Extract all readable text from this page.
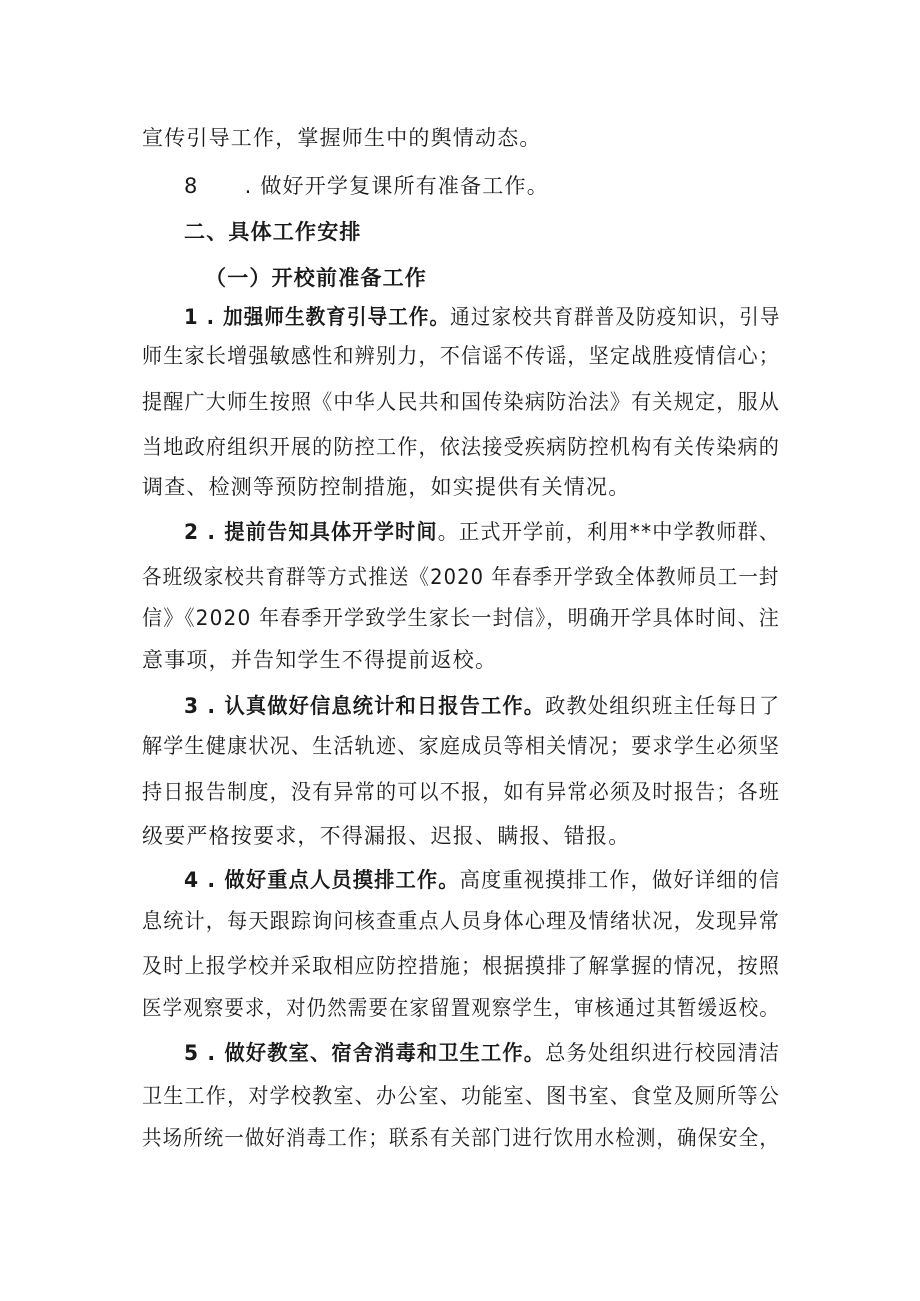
宣传引导工作，掌握师生中的舆情动态。
8 . 做好开学复课所有准备工作。
二、具体工作安排
（一）开校前准备工作
1 . 加强师生教育引导工作。通过家校共育群普及防疫知识，引导
师生家长增强敏感性和辨别力，不信谣不传谣，坚定战胜疫情信心；
提醒广大师生按照《中华人民共和国传染病防治法》有关规定，服从
当地政府组织开展的防控工作，依法接受疾病防控机构有关传染病的
调查、检测等预防控制措施，如实提供有关情况。
2 . 提前告知具体开学时间。正式开学前，利用**中学教师群、
各班级家校共育群等方式推送《2020 年春季开学致全体教师员工一封
信》《2020 年春季开学致学生家长一封信》，明确开学具体时间、注
意事项，并告知学生不得提前返校。
3 . 认真做好信息统计和日报告工作。政教处组织班主任每日了
解学生健康状况、生活轨迹、家庭成员等相关情况；要求学生必须坚
持日报告制度，没有异常的可以不报，如有异常必须及时报告；各班
级要严格按要求，不得漏报、迟报、瞒报、错报。
4 . 做好重点人员摸排工作。高度重视摸排工作，做好详细的信
息统计，每天跟踪询问核查重点人员身体心理及情绪状况，发现异常
及时上报学校并采取相应防控措施；根据摸排了解掌握的情况，按照
医学观察要求，对仍然需要在家留置观察学生，审核通过其暂缓返校。
5 . 做好教室、宿舍消毒和卫生工作。总务处组织进行校园清洁
卫生工作，对学校教室、办公室、功能室、图书室、食堂及厕所等公
共场所统一做好消毒工作；联系有关部门进行饮用水检测，确保安全，
